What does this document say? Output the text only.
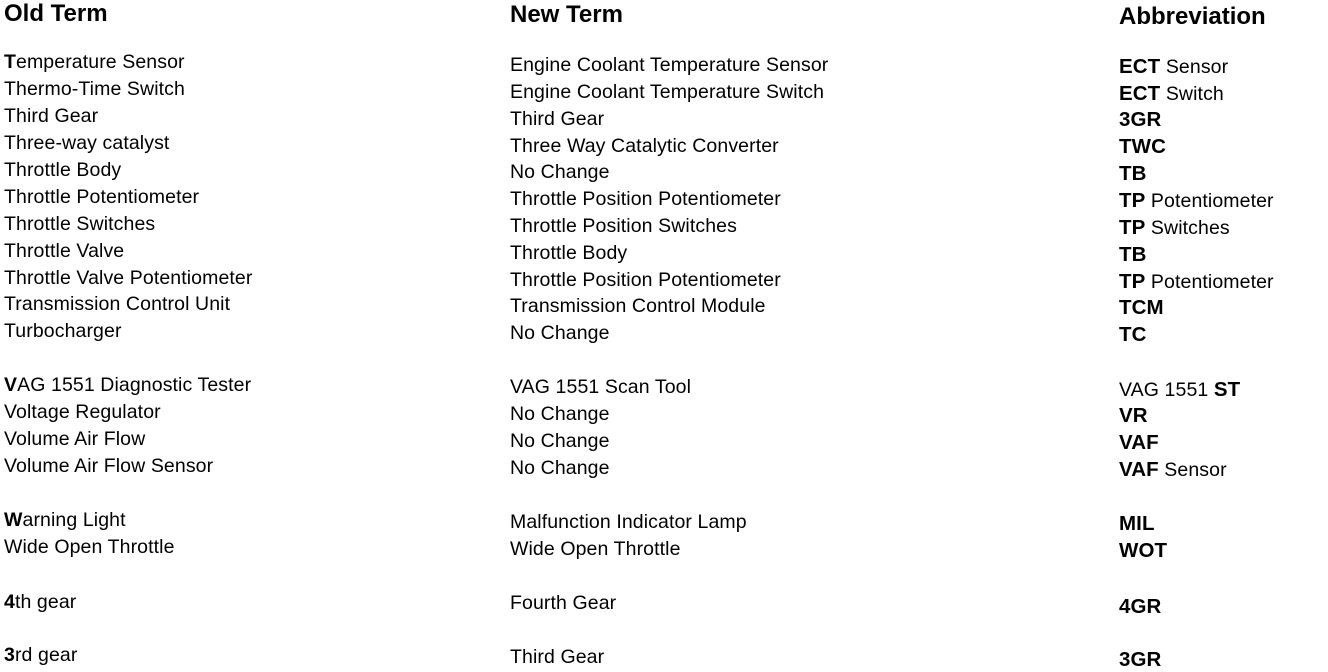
Old Term
Temperature Sensor
Thermo-Time Switch
Third Gear
Three-way catalyst
Throttle Body
Throttle Potentiometer
Throttle Switches
Throttle Valve
Throttle Valve Potentiometer
Transmission Control Unit
Turbocharger
VAG 1551 Diagnostic Tester
Voltage Regulator
Volume Air Flow
Volume Air Flow Sensor
Warning Light
Wide Open Throttle
4th gear
3rd gear
New Term
Engine Coolant Temperature Sensor
Engine Coolant Temperature Switch
Third Gear
Three Way Catalytic Converter
No Change
Throttle Position Potentiometer
Throttle Position Switches
Throttle Body
Throttle Position Potentiometer
Transmission Control Module
No Change
VAG 1551 Scan Tool
No Change
No Change
No Change
Malfunction Indicator Lamp
Wide Open Throttle
Fourth Gear
Third Gear
Abbreviation
ECT Sensor
ECT Switch
3GR
TWC
TB
TP Potentiometer
TP Switches
TB
TP Potentiometer
TCM
TC
VAG 1551 ST
VR
VAF
VAF Sensor
MIL
WOT
4GR
3GR
